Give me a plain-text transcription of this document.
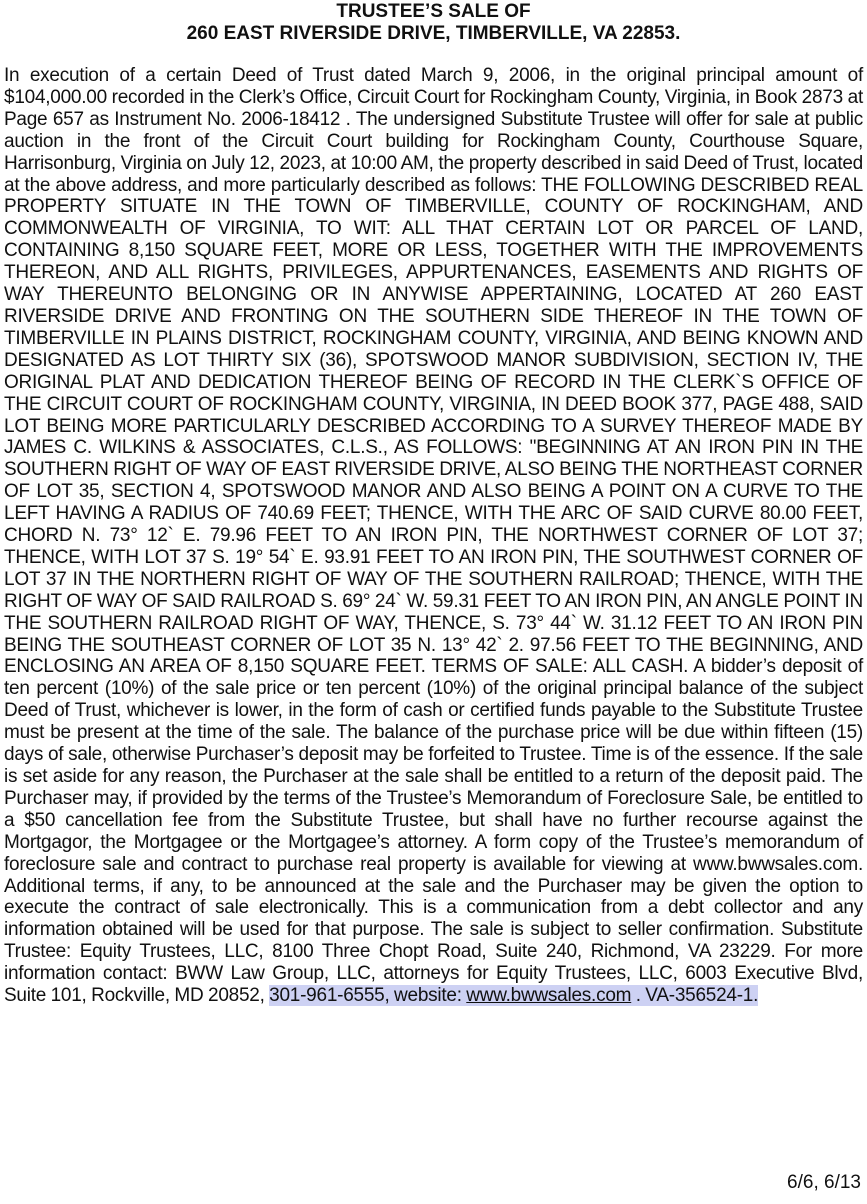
TRUSTEE’S SALE OF
260 EAST RIVERSIDE DRIVE, TIMBERVILLE, VA 22853.

In execution of a certain Deed of Trust dated March 9, 2006, in the original principal amount of $104,000.00 recorded in the Clerk’s Office, Circuit Court for Rockingham County, Virginia, in Book 2873 at Page 657 as Instrument No. 2006-18412 . The undersigned Substitute Trustee will offer for sale at public auction in the front of the Circuit Court building for Rockingham County, Courthouse Square, Harrisonburg, Virginia on July 12, 2023, at 10:00 AM, the property described in said Deed of Trust, located at the above address, and more particularly described as follows: THE FOLLOWING DESCRIBED REAL PROPERTY SITUATE IN THE TOWN OF TIMBERVILLE, COUNTY OF ROCKINGHAM, AND COMMONWEALTH OF VIRGINIA, TO WIT: ALL THAT CERTAIN LOT OR PARCEL OF LAND, CONTAINING 8,150 SQUARE FEET, MORE OR LESS, TOGETHER WITH THE IMPROVEMENTS THEREON, AND ALL RIGHTS, PRIVILEGES, APPURTENANCES, EASEMENTS AND RIGHTS OF WAY THEREUNTO BELONGING OR IN ANYWISE APPERTAINING, LOCATED AT 260 EAST RIVERSIDE DRIVE AND FRONTING ON THE SOUTHERN SIDE THEREOF IN THE TOWN OF TIMBERVILLE IN PLAINS DISTRICT, ROCKINGHAM COUNTY, VIRGINIA, AND BEING KNOWN AND DESIGNATED AS LOT THIRTY SIX (36), SPOTSWOOD MANOR SUBDIVISION, SECTION IV, THE ORIGINAL PLAT AND DEDICATION THEREOF BEING OF RECORD IN THE CLERK`S OFFICE OF THE CIRCUIT COURT OF ROCKINGHAM COUNTY, VIRGINIA, IN DEED BOOK 377, PAGE 488, SAID LOT BEING MORE PARTICULARLY DESCRIBED ACCORDING TO A SURVEY THEREOF MADE BY JAMES C. WILKINS & ASSOCIATES, C.L.S., AS FOLLOWS: "BEGINNING AT AN IRON PIN IN THE SOUTHERN RIGHT OF WAY OF EAST RIVERSIDE DRIVE, ALSO BEING THE NORTHEAST CORNER OF LOT 35, SECTION 4, SPOTSWOOD MANOR AND ALSO BEING A POINT ON A CURVE TO THE LEFT HAVING A RADIUS OF 740.69 FEET; THENCE, WITH THE ARC OF SAID CURVE 80.00 FEET, CHORD N. 73° 12` E. 79.96 FEET TO AN IRON PIN, THE NORTHWEST CORNER OF LOT 37; THENCE, WITH LOT 37 S. 19° 54` E. 93.91 FEET TO AN IRON PIN, THE SOUTHWEST CORNER OF LOT 37 IN THE NORTHERN RIGHT OF WAY OF THE SOUTHERN RAILROAD; THENCE, WITH THE RIGHT OF WAY OF SAID RAILROAD S. 69° 24` W. 59.31 FEET TO AN IRON PIN, AN ANGLE POINT IN THE SOUTHERN RAILROAD RIGHT OF WAY, THENCE, S. 73° 44` W. 31.12 FEET TO AN IRON PIN BEING THE SOUTHEAST CORNER OF LOT 35 N. 13° 42` 2. 97.56 FEET TO THE BEGINNING, AND ENCLOSING AN AREA OF 8,150 SQUARE FEET. TERMS OF SALE: ALL CASH. A bidder’s deposit of ten percent (10%) of the sale price or ten percent (10%) of the original principal balance of the subject Deed of Trust, whichever is lower, in the form of cash or certified funds payable to the Substitute Trustee must be present at the time of the sale. The balance of the purchase price will be due within fifteen (15) days of sale, otherwise Purchaser’s deposit may be forfeited to Trustee. Time is of the essence. If the sale is set aside for any reason, the Purchaser at the sale shall be entitled to a return of the deposit paid. The Purchaser may, if provided by the terms of the Trustee’s Memorandum of Foreclosure Sale, be entitled to a $50 cancellation fee from the Substitute Trustee, but shall have no further recourse against the Mortgagor, the Mortgagee or the Mortgagee’s attorney. A form copy of the Trustee’s memorandum of foreclosure sale and contract to purchase real property is available for viewing at www.bwwsales.com. Additional terms, if any, to be announced at the sale and the Purchaser may be given the option to execute the contract of sale electronically. This is a communication from a debt collector and any information obtained will be used for that purpose. The sale is subject to seller confirmation. Substitute Trustee: Equity Trustees, LLC, 8100 Three Chopt Road, Suite 240, Richmond, VA 23229. For more information contact: BWW Law Group, LLC, attorneys for Equity Trustees, LLC, 6003 Executive Blvd, Suite 101, Rockville, MD 20852, 301-961-6555, website: www.bwwsales.com . VA-356524-1.

6/6, 6/13
